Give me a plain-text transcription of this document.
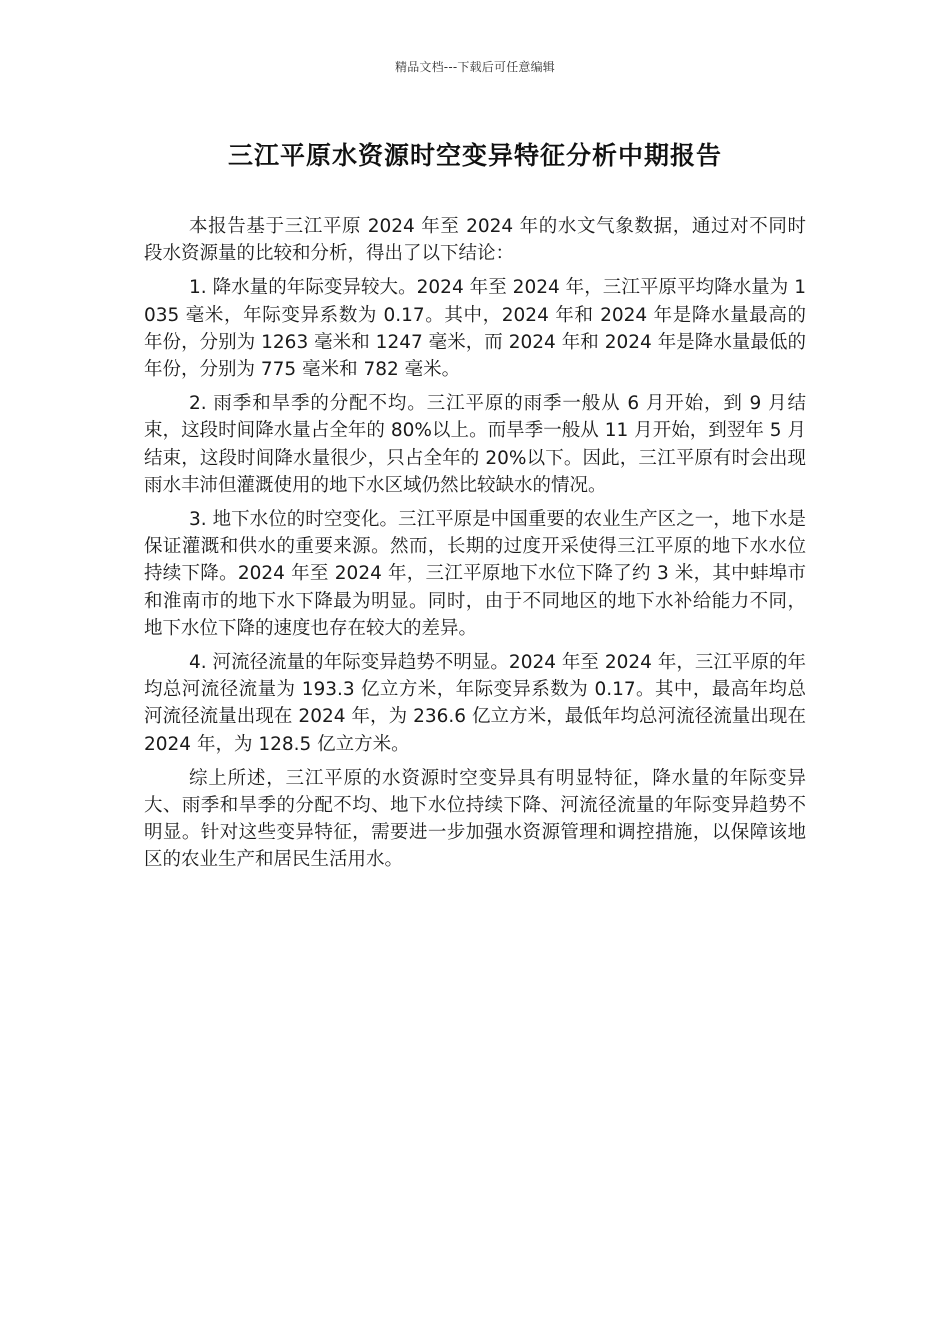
精品文档---下载后可任意编辑
三江平原水资源时空变异特征分析中期报告

本报告基于三江平原 2024 年至 2024 年的水文气象数据，通过对不同时段水资源量的比较和分析，得出了以下结论：

1. 降水量的年际变异较大。2024 年至 2024 年，三江平原平均降水量为 1035 毫米，年际变异系数为 0.17。其中，2024 年和 2024 年是降水量最高的年份，分别为 1263 毫米和 1247 毫米，而 2024 年和 2024 年是降水量最低的年份，分别为 775 毫米和 782 毫米。

2. 雨季和旱季的分配不均。三江平原的雨季一般从 6 月开始，到 9 月结束，这段时间降水量占全年的 80%以上。而旱季一般从 11 月开始，到翌年 5 月结束，这段时间降水量很少，只占全年的 20%以下。因此，三江平原有时会出现雨水丰沛但灌溉使用的地下水区域仍然比较缺水的情况。

3. 地下水位的时空变化。三江平原是中国重要的农业生产区之一，地下水是保证灌溉和供水的重要来源。然而，长期的过度开采使得三江平原的地下水水位持续下降。2024 年至 2024 年，三江平原地下水位下降了约 3 米，其中蚌埠市和淮南市的地下水下降最为明显。同时，由于不同地区的地下水补给能力不同，地下水位下降的速度也存在较大的差异。

4. 河流径流量的年际变异趋势不明显。2024 年至 2024 年，三江平原的年均总河流径流量为 193.3 亿立方米，年际变异系数为 0.17。其中，最高年均总河流径流量出现在 2024 年，为 236.6 亿立方米，最低年均总河流径流量出现在 2024 年，为 128.5 亿立方米。

综上所述，三江平原的水资源时空变异具有明显特征，降水量的年际变异大、雨季和旱季的分配不均、地下水位持续下降、河流径流量的年际变异趋势不明显。针对这些变异特征，需要进一步加强水资源管理和调控措施，以保障该地区的农业生产和居民生活用水。
